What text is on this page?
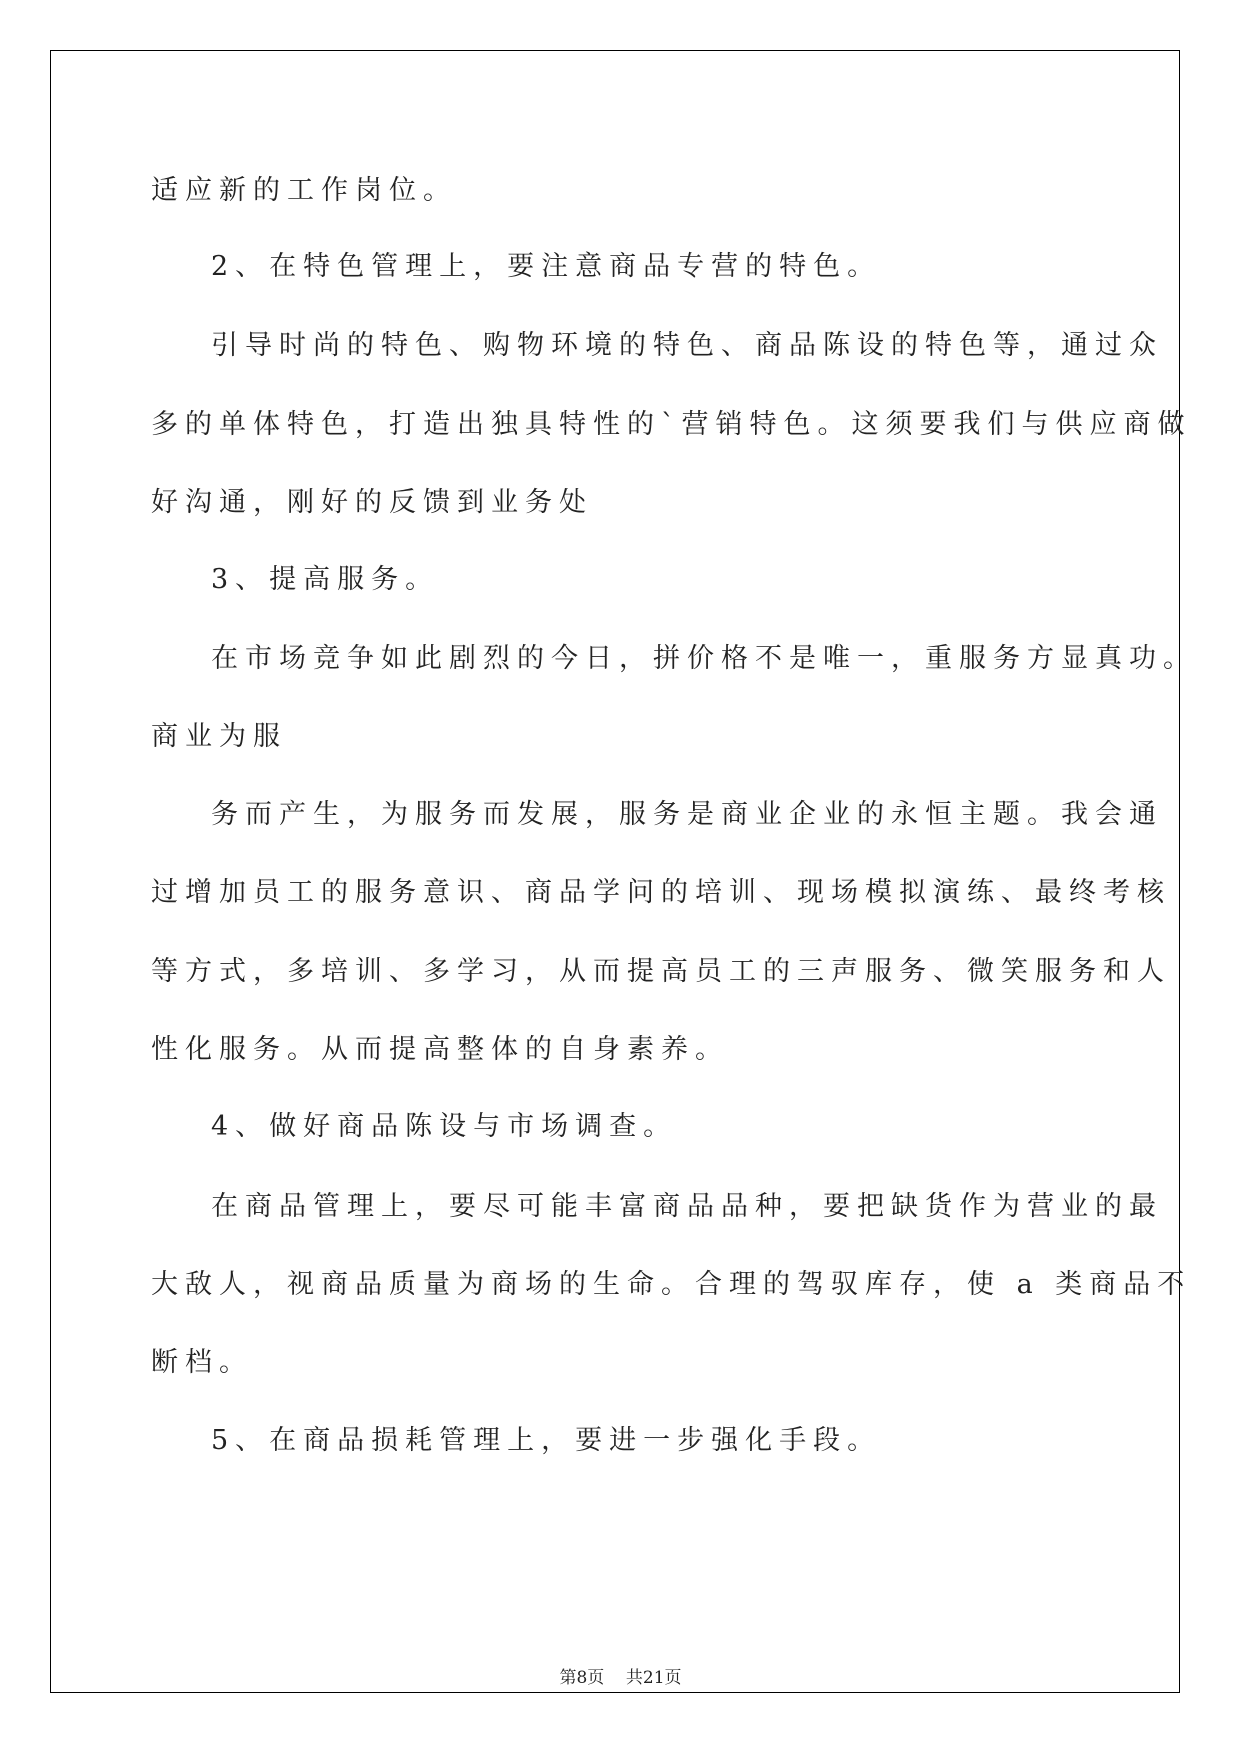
适应新的工作岗位。
2、在特色管理上，要注意商品专营的特色。
引导时尚的特色、购物环境的特色、商品陈设的特色等，通过众
多的单体特色，打造出独具特性的`营销特色。这须要我们与供应商做
好沟通，刚好的反馈到业务处
3、提高服务。
在市场竞争如此剧烈的今日，拼价格不是唯一，重服务方显真功。
商业为服
务而产生，为服务而发展，服务是商业企业的永恒主题。我会通
过增加员工的服务意识、商品学问的培训、现场模拟演练、最终考核
等方式，多培训、多学习，从而提高员工的三声服务、微笑服务和人
性化服务。从而提高整体的自身素养。
4、做好商品陈设与市场调查。
在商品管理上，要尽可能丰富商品品种，要把缺货作为营业的最
大敌人，视商品质量为商场的生命。合理的驾驭库存，使 a 类商品不
断档。
5、在商品损耗管理上，要进一步强化手段。
第8页 共21页
